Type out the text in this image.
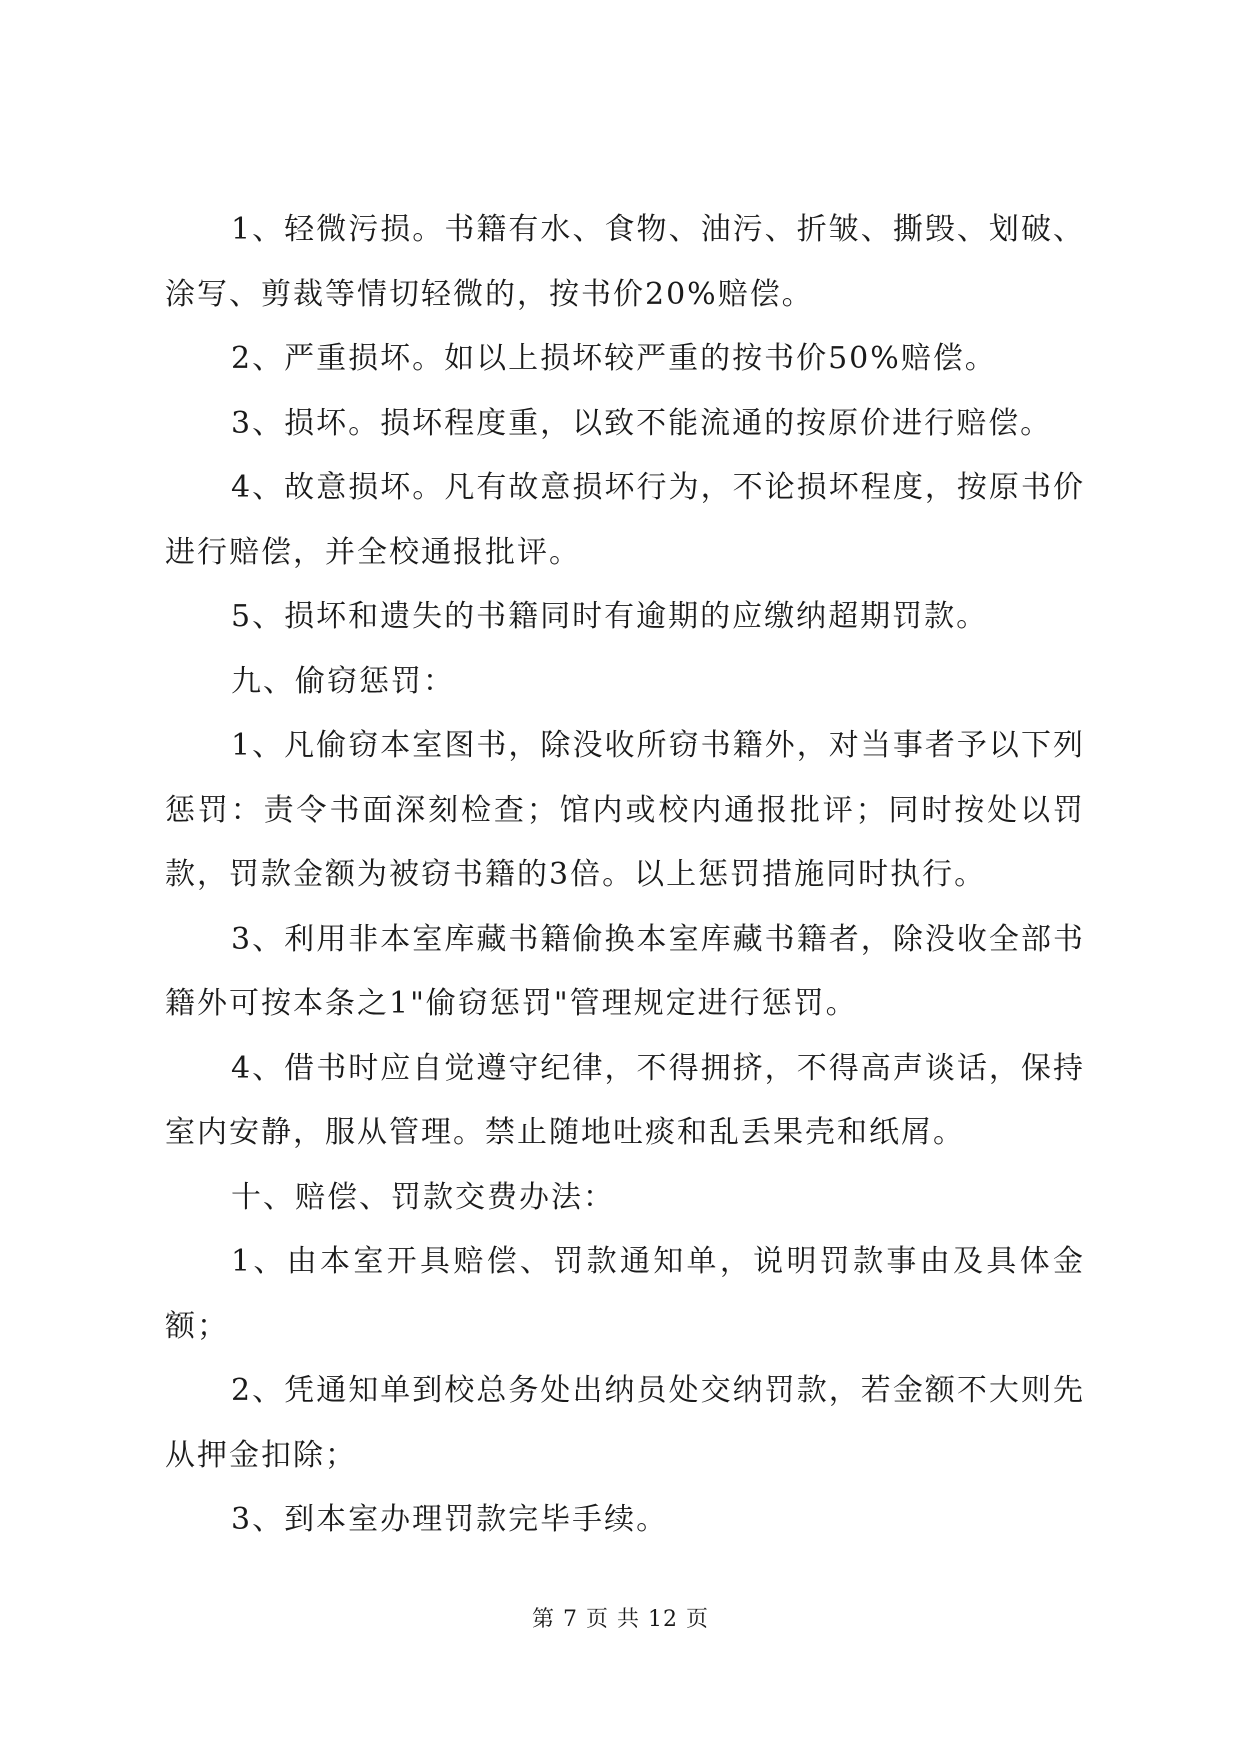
1、轻微污损。书籍有水、食物、油污、折皱、撕毁、划破、涂写、剪裁等情切轻微的，按书价20%赔偿。

2、严重损坏。如以上损坏较严重的按书价50%赔偿。

3、损坏。损坏程度重，以致不能流通的按原价进行赔偿。

4、故意损坏。凡有故意损坏行为，不论损坏程度，按原书价进行赔偿，并全校通报批评。

5、损坏和遗失的书籍同时有逾期的应缴纳超期罚款。

九、偷窃惩罚：

1、凡偷窃本室图书，除没收所窃书籍外，对当事者予以下列惩罚：责令书面深刻检查；馆内或校内通报批评；同时按处以罚款，罚款金额为被窃书籍的3倍。以上惩罚措施同时执行。

3、利用非本室库藏书籍偷换本室库藏书籍者，除没收全部书籍外可按本条之1"偷窃惩罚"管理规定进行惩罚。

4、借书时应自觉遵守纪律，不得拥挤，不得高声谈话，保持室内安静，服从管理。禁止随地吐痰和乱丢果壳和纸屑。

十、赔偿、罚款交费办法：

1、由本室开具赔偿、罚款通知单，说明罚款事由及具体金额；

2、凭通知单到校总务处出纳员处交纳罚款，若金额不大则先从押金扣除；

3、到本室办理罚款完毕手续。

第 7 页 共 12 页
